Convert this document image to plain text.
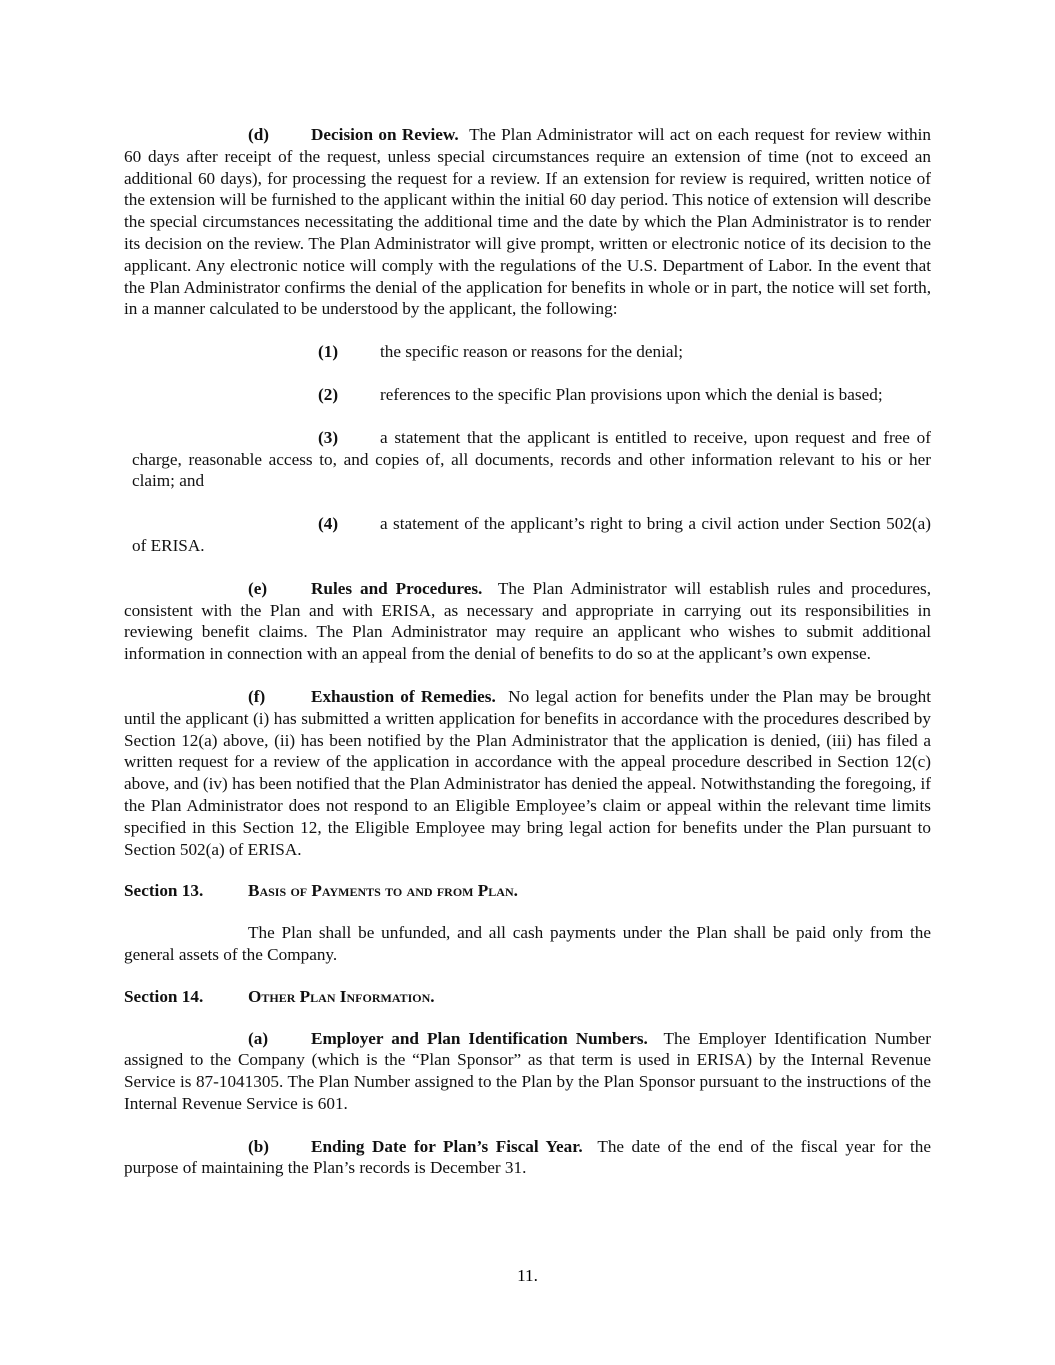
(d) Decision on Review. The Plan Administrator will act on each request for review within 60 days after receipt of the request, unless special circumstances require an extension of time (not to exceed an additional 60 days), for processing the request for a review. If an extension for review is required, written notice of the extension will be furnished to the applicant within the initial 60 day period. This notice of extension will describe the special circumstances necessitating the additional time and the date by which the Plan Administrator is to render its decision on the review. The Plan Administrator will give prompt, written or electronic notice of its decision to the applicant. Any electronic notice will comply with the regulations of the U.S. Department of Labor. In the event that the Plan Administrator confirms the denial of the application for benefits in whole or in part, the notice will set forth, in a manner calculated to be understood by the applicant, the following:

(1) the specific reason or reasons for the denial;

(2) references to the specific Plan provisions upon which the denial is based;

(3) a statement that the applicant is entitled to receive, upon request and free of charge, reasonable access to, and copies of, all documents, records and other information relevant to his or her claim; and

(4) a statement of the applicant’s right to bring a civil action under Section 502(a) of ERISA.

(e)	Rules and Procedures. The Plan Administrator will establish rules and procedures, consistent with the Plan and with ERISA, as necessary and appropriate in carrying out its responsibilities in reviewing benefit claims. The Plan Administrator may require an applicant who wishes to submit additional information in connection with an appeal from the denial of benefits to do so at the applicant’s own expense.

(f)	Exhaustion of Remedies. No legal action for benefits under the Plan may be brought until the applicant (i) has submitted a written application for benefits in accordance with the procedures described by Section 12(a) above, (ii) has been notified by the Plan Administrator that the application is denied, (iii) has filed a written request for a review of the application in accordance with the appeal procedure described in Section 12(c) above, and (iv) has been notified that the Plan Administrator has denied the appeal. Notwithstanding the foregoing, if the Plan Administrator does not respond to an Eligible Employee’s claim or appeal within the relevant time limits specified in this Section 12, the Eligible Employee may bring legal action for benefits under the Plan pursuant to Section 502(a) of ERISA.

Section 13.	Basis of Payments to and from Plan.

The Plan shall be unfunded, and all cash payments under the Plan shall be paid only from the general assets of the Company.

Section 14.	Other Plan Information.

(a) Employer and Plan Identification Numbers. The Employer Identification Number assigned to the Company (which is the “Plan Sponsor” as that term is used in ERISA) by the Internal Revenue Service is 87-1041305. The Plan Number assigned to the Plan by the Plan Sponsor pursuant to the instructions of the Internal Revenue Service is 601.

(b) Ending Date for Plan’s Fiscal Year. The date of the end of the fiscal year for the purpose of maintaining the Plan’s records is December 31.

11.
